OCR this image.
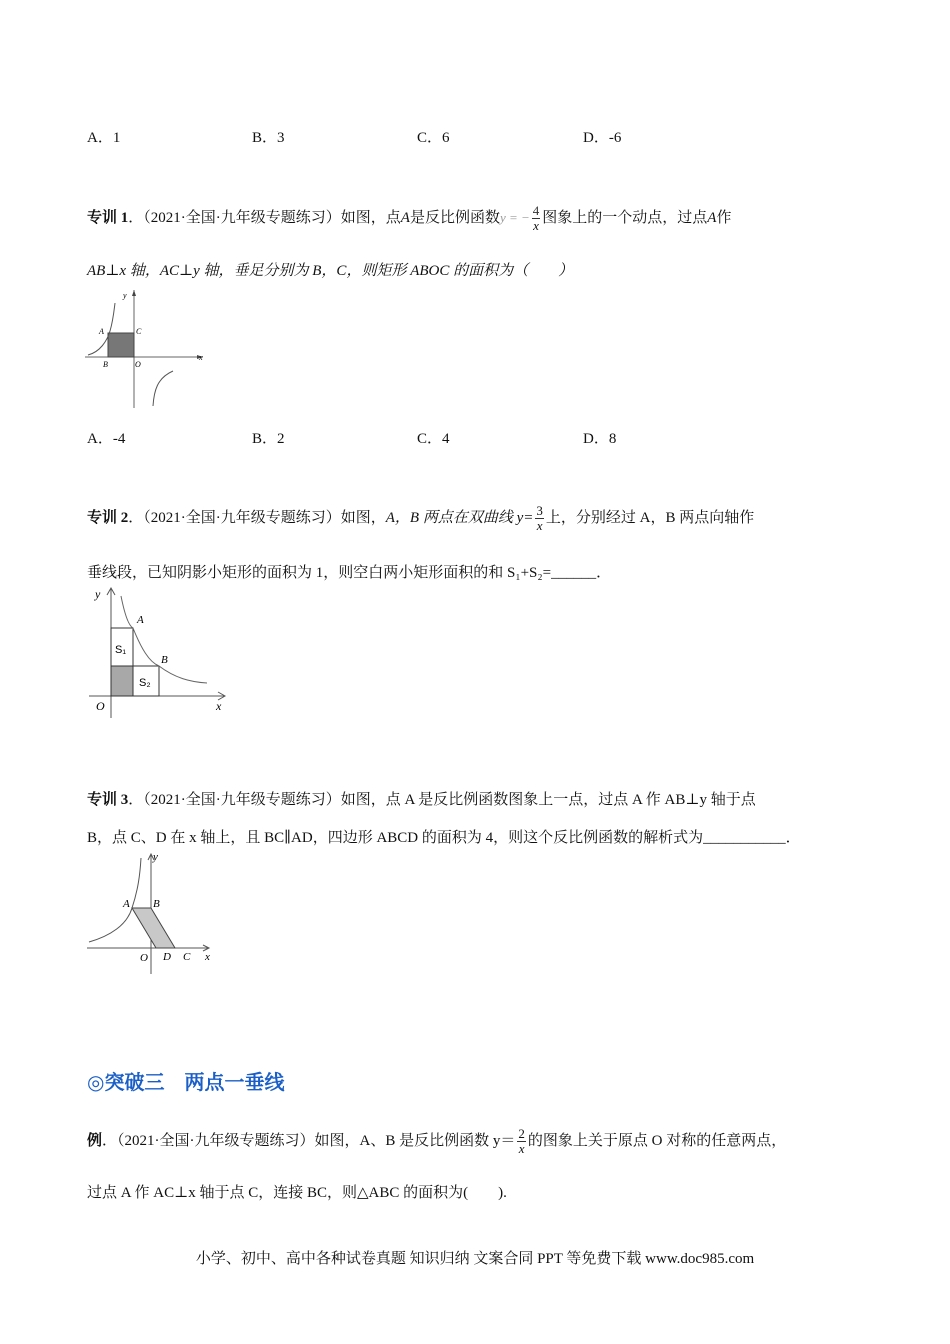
A．1	B．3	C．6	D．-6
专训 1．（2021·全国·九年级专题练习）如图，点A是反比例函数y = − $\frac{4}{x}$ 图象上的一个动点，过点A作
AB⊥x 轴，AC⊥y 轴，垂足分别为 B，C，则矩形 ABOC 的面积为（　　）
y
x
A	C
B	O
A．-4	B．2	C．4	D．8
专训 2．（2021·全国·九年级专题练习）如图，A，B 两点在双曲线 $y= \frac{3}{x}$ 上，分别经过 A，B 两点向轴作
垂线段，已知阴影小矩形的面积为 1，则空白两小矩形面积的和 S₁+S₂=______．
y
x
A
B
O
S₁
S₂
专训 3．（2021·全国·九年级专题练习）如图，点 A 是反比例函数图象上一点，过点 A 作 AB⊥y 轴于点
B，点 C、D 在 x 轴上，且 BC∥AD，四边形 ABCD 的面积为 4，则这个反比例函数的解析式为___________．
y
x
A B
O D C
◎突破三　两点一垂线
例．（2021·全国·九年级专题练习）如图，A、B 是反比例函数 $y= \frac{2}{x}$ 的图象上关于原点 O 对称的任意两点，
过点 A 作 AC⊥x 轴于点 C，连接 BC，则△ABC 的面积为(　　).
小学、初中、高中各种试卷真题 知识归纳 文案合同 PPT 等免费下载 www.doc985.com
